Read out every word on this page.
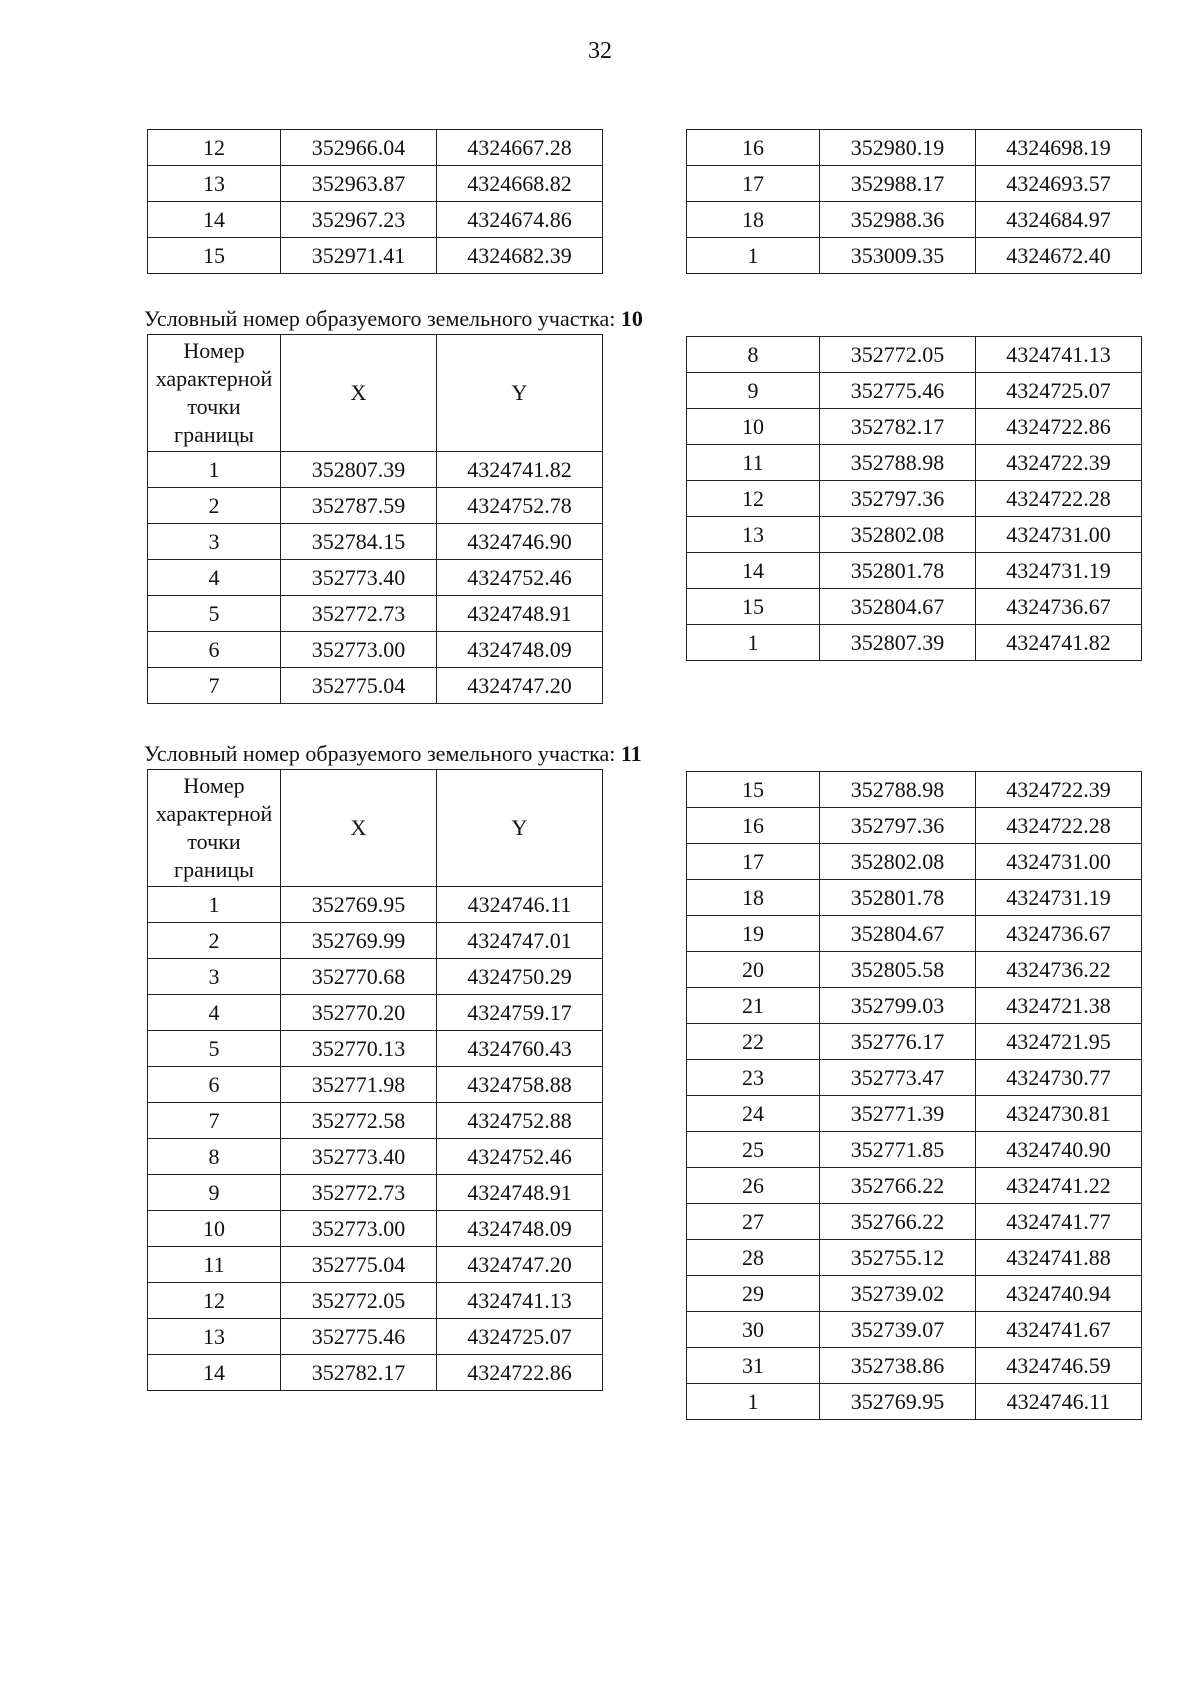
32
12	352966.04	4324667.28
13	352963.87	4324668.82
14	352967.23	4324674.86
15	352971.41	4324682.39
16	352980.19	4324698.19
17	352988.17	4324693.57
18	352988.36	4324684.97
1	353009.35	4324672.40
Условный номер образуемого земельного участка: 10
Номер характерной точки границы	X	Y
1	352807.39	4324741.82
2	352787.59	4324752.78
3	352784.15	4324746.90
4	352773.40	4324752.46
5	352772.73	4324748.91
6	352773.00	4324748.09
7	352775.04	4324747.20
8	352772.05	4324741.13
9	352775.46	4324725.07
10	352782.17	4324722.86
11	352788.98	4324722.39
12	352797.36	4324722.28
13	352802.08	4324731.00
14	352801.78	4324731.19
15	352804.67	4324736.67
1	352807.39	4324741.82
Условный номер образуемого земельного участка: 11
Номер характерной точки границы	X	Y
1	352769.95	4324746.11
2	352769.99	4324747.01
3	352770.68	4324750.29
4	352770.20	4324759.17
5	352770.13	4324760.43
6	352771.98	4324758.88
7	352772.58	4324752.88
8	352773.40	4324752.46
9	352772.73	4324748.91
10	352773.00	4324748.09
11	352775.04	4324747.20
12	352772.05	4324741.13
13	352775.46	4324725.07
14	352782.17	4324722.86
15	352788.98	4324722.39
16	352797.36	4324722.28
17	352802.08	4324731.00
18	352801.78	4324731.19
19	352804.67	4324736.67
20	352805.58	4324736.22
21	352799.03	4324721.38
22	352776.17	4324721.95
23	352773.47	4324730.77
24	352771.39	4324730.81
25	352771.85	4324740.90
26	352766.22	4324741.22
27	352766.22	4324741.77
28	352755.12	4324741.88
29	352739.02	4324740.94
30	352739.07	4324741.67
31	352738.86	4324746.59
1	352769.95	4324746.11
